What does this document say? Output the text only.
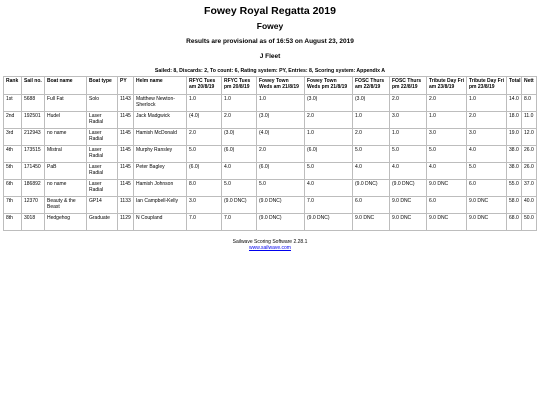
Fowey Royal Regatta 2019
Fowey
Results are provisional as of 16:53 on August 23, 2019
J Fleet
Sailed: 8, Discards: 2, To count: 6, Rating system: PY, Entries: 8, Scoring system: Appendix A
Rank	Sail no.	Boat name	Boat type	PY	Helm name	RFYC Tues am 20/8/19	RFYC Tues pm 20/8/19	Fowey Town Weds am 21/8/19	Fowey Town Weds pm 21/8/19	FOSC Thurs am 22/8/19	FOSC Thurs pm 22/8/19	Tribute Day Fri am 23/8/19	Tribute Day Fri pm 23/8/19	Total	Nett
1st	5688	Full Fat	Solo	1143	Matthew Newton-Sherlock	1.0	1.0	1.0	(3.0)	(3.0)	2.0	2.0	1.0	14.0	8.0
2nd	192501	Hudel	Laser Radial	1145	Jack Madgwick	(4.0)	2.0	(3.0)	2.0	1.0	3.0	1.0	2.0	18.0	11.0
3rd	212943	no name	Laser Radial	1145	Hamish McDonald	2.0	(3.0)	(4.0)	1.0	2.0	1.0	3.0	3.0	19.0	12.0
4th	173515	Mistral	Laser Radial	1145	Murphy Ransley	5.0	(6.0)	2.0	(6.0)	5.0	5.0	5.0	4.0	38.0	26.0
5th	171450	PaB	Laser Radial	1145	Peter Bagley	(6.0)	4.0	(6.0)	5.0	4.0	4.0	4.0	5.0	38.0	26.0
6th	186892	no name	Laser Radial	1145	Hamish Johnson	8.0	5.0	5.0	4.0	(9.0 DNC)	(9.0 DNC)	9.0 DNC	6.0	55.0	37.0
7th	12370	Beauty & the Beast	GP14	1133	Ian Campbell-Kelly	3.0	(9.0 DNC)	(9.0 DNC)	7.0	6.0	9.0 DNC	6.0	9.0 DNC	58.0	40.0
8th	3018	Hedgehog	Graduate	1129	N Coupland	7.0	7.0	(9.0 DNC)	(9.0 DNC)	9.0 DNC	9.0 DNC	9.0 DNC	9.0 DNC	68.0	50.0
Sailwave Scoring Software 2.28.1
www.sailwave.com
